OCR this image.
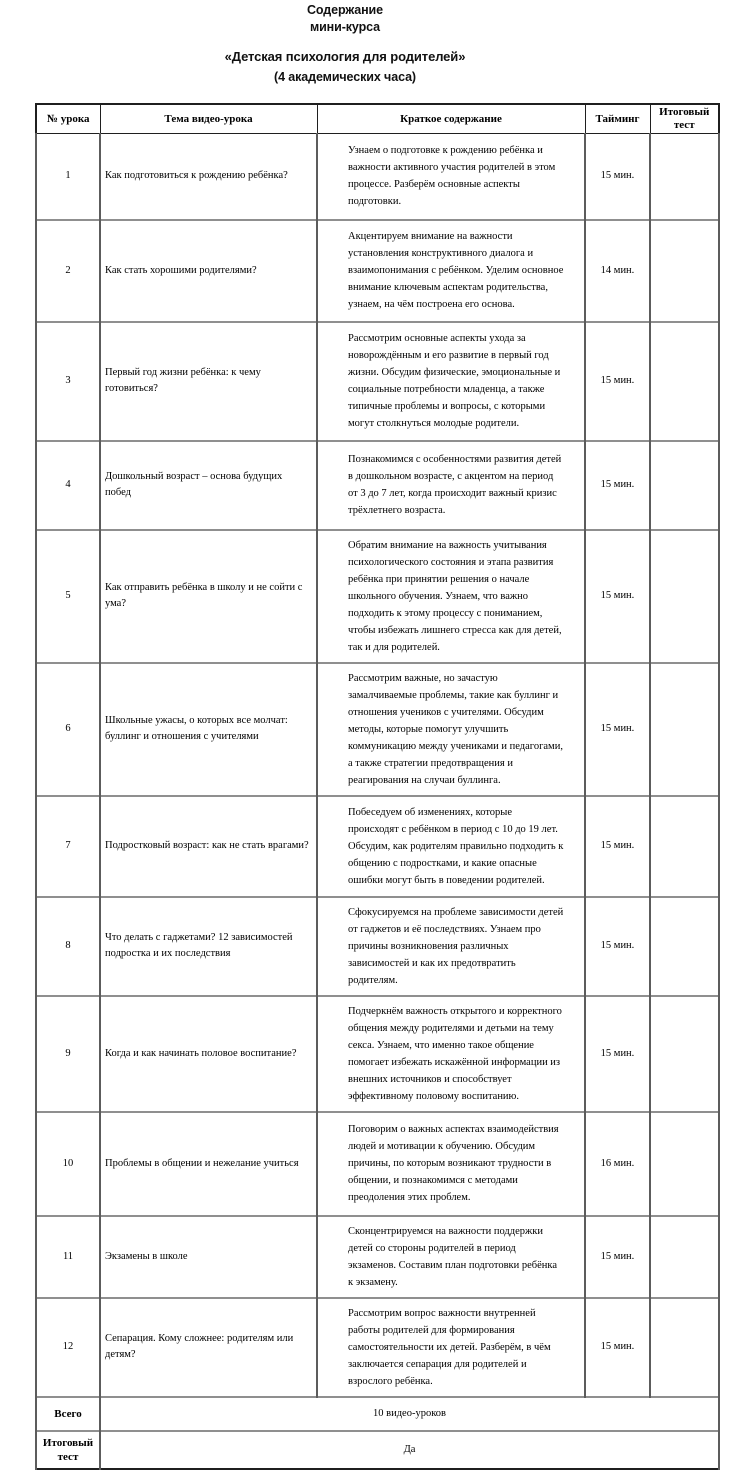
Содержание
мини-курса
«Детская психология для родителей»
(4 академических часа)
№ урока	Тема видео-урока	Краткое содержание	Тайминг	Итоговый тест
1	Как подготовиться к рождению ребёнка?	Узнаем о подготовке к рождению ребёнка и важности активного участия родителей в этом процессе. Разберём основные аспекты подготовки.	15 мин.	
2	Как стать хорошими родителями?	Акцентируем внимание на важности установления конструктивного диалога и взаимопонимания с ребёнком. Уделим основное внимание ключевым аспектам родительства, узнаем, на чём построена его основа.	14 мин.	
3	Первый год жизни ребёнка: к чему готовиться?	Рассмотрим основные аспекты ухода за новорождённым и его развитие в первый год жизни. Обсудим физические, эмоциональные и социальные потребности младенца, а также типичные проблемы и вопросы, с которыми могут столкнуться молодые родители.	15 мин.	
4	Дошкольный возраст – основа будущих побед	Познакомимся с особенностями развития детей в дошкольном возрасте, с акцентом на период от 3 до 7 лет, когда происходит важный кризис трёхлетнего возраста.	15 мин.	
5	Как отправить ребёнка в школу и не сойти с ума?	Обратим внимание на важность учитывания психологического состояния и этапа развития ребёнка при принятии решения о начале школьного обучения. Узнаем, что важно подходить к этому процессу с пониманием, чтобы избежать лишнего стресса как для детей, так и для родителей.	15 мин.	
6	Школьные ужасы, о которых все молчат: буллинг и отношения с учителями	Рассмотрим важные, но зачастую замалчиваемые проблемы, такие как буллинг и отношения учеников с учителями. Обсудим методы, которые помогут улучшить коммуникацию между учениками и педагогами, а также стратегии предотвращения и реагирования на случаи буллинга.	15 мин.	
7	Подростковый возраст: как не стать врагами?	Побеседуем об изменениях, которые происходят с ребёнком в период с 10 до 19 лет. Обсудим, как родителям правильно подходить к общению с подростками, и какие опасные ошибки могут быть в поведении родителей.	15 мин.	
8	Что делать с гаджетами? 12 зависимостей подростка и их последствия	Сфокусируемся на проблеме зависимости детей от гаджетов и её последствиях. Узнаем про причины возникновения различных зависимостей и как их предотвратить родителям.	15 мин.	
9	Когда и как начинать половое воспитание?	Подчеркнём важность открытого и корректного общения между родителями и детьми на тему секса. Узнаем, что именно такое общение помогает избежать искажённой информации из внешних источников и способствует эффективному половому воспитанию.	15 мин.	
10	Проблемы в общении и нежелание учиться	Поговорим о важных аспектах взаимодействия людей и мотивации к обучению. Обсудим причины, по которым возникают трудности в общении, и познакомимся с методами преодоления этих проблем.	16 мин.	
11	Экзамены в школе	Сконцентрируемся на важности поддержки детей со стороны родителей в период экзаменов. Составим план подготовки ребёнка к экзамену.	15 мин.	
12	Сепарация. Кому сложнее: родителям или детям?	Рассмотрим вопрос важности внутренней работы родителей для формирования самостоятельности их детей. Разберём, в чём заключается сепарация для родителей и взрослого ребёнка.	15 мин.	
Всего	10 видео-уроков			
Итоговый тест	Да			
